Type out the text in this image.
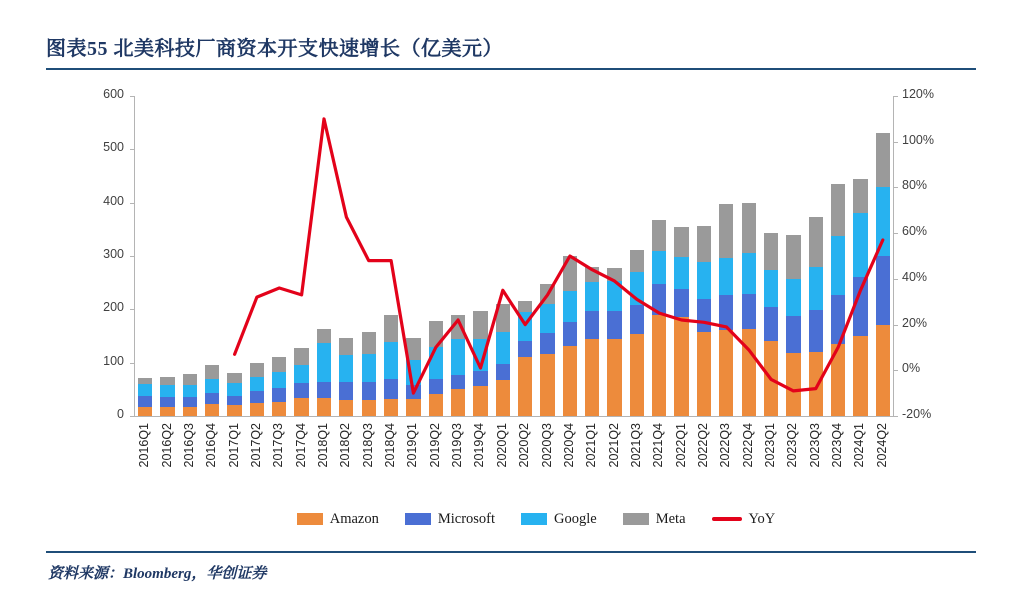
图表55 北美科技厂商资本开支快速增长（亿美元）
0
100
200
300
400
500
600
-20%
0%
20%
40%
60%
80%
100%
120%
2016Q1 2016Q2 2016Q3 2016Q4 2017Q1 2017Q2 2017Q3 2017Q4 2018Q1 2018Q2 2018Q3 2018Q4 2019Q1 2019Q2 2019Q3 2019Q4 2020Q1 2020Q2 2020Q3 2020Q4 2021Q1 2021Q2 2021Q3 2021Q4 2022Q1 2022Q2 2022Q3 2022Q4 2023Q1 2023Q2 2023Q3 2023Q4 2024Q1 2024Q2
Amazon	Microsoft	Google	Meta	YoY
资料来源：Bloomberg，华创证券
